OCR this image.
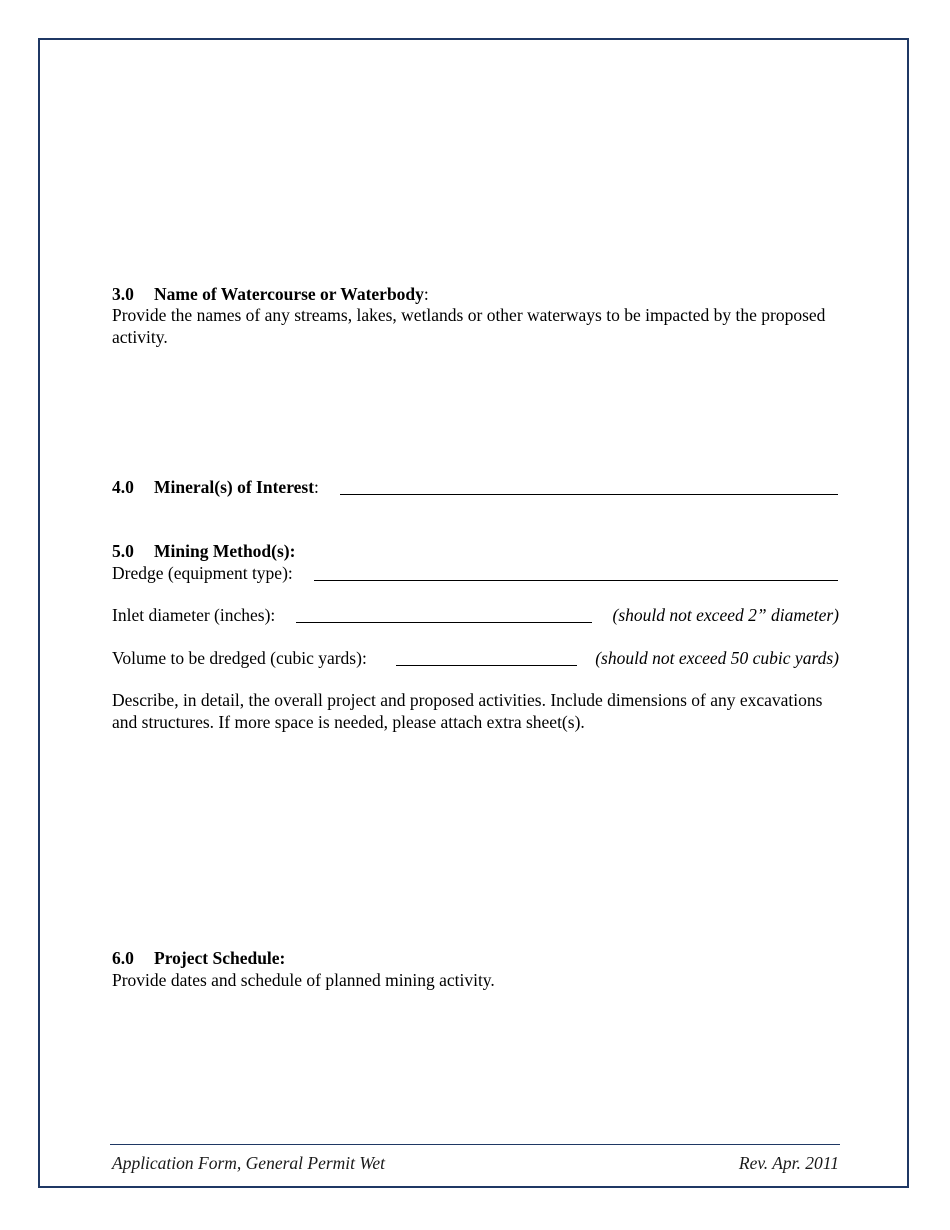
3.0 Name of Watercourse or Waterbody:
Provide the names of any streams, lakes, wetlands or other waterways to be impacted by the proposed activity.
4.0 Mineral(s) of Interest:
5.0 Mining Method(s):
Dredge (equipment type):
Inlet diameter (inches):	(should not exceed 2” diameter)
Volume to be dredged (cubic yards):	(should not exceed 50 cubic yards)
Describe, in detail, the overall project and proposed activities. Include dimensions of any excavations and structures. If more space is needed, please attach extra sheet(s).
6.0 Project Schedule:
Provide dates and schedule of planned mining activity.
Application Form, General Permit Wet	Rev. Apr. 2011
